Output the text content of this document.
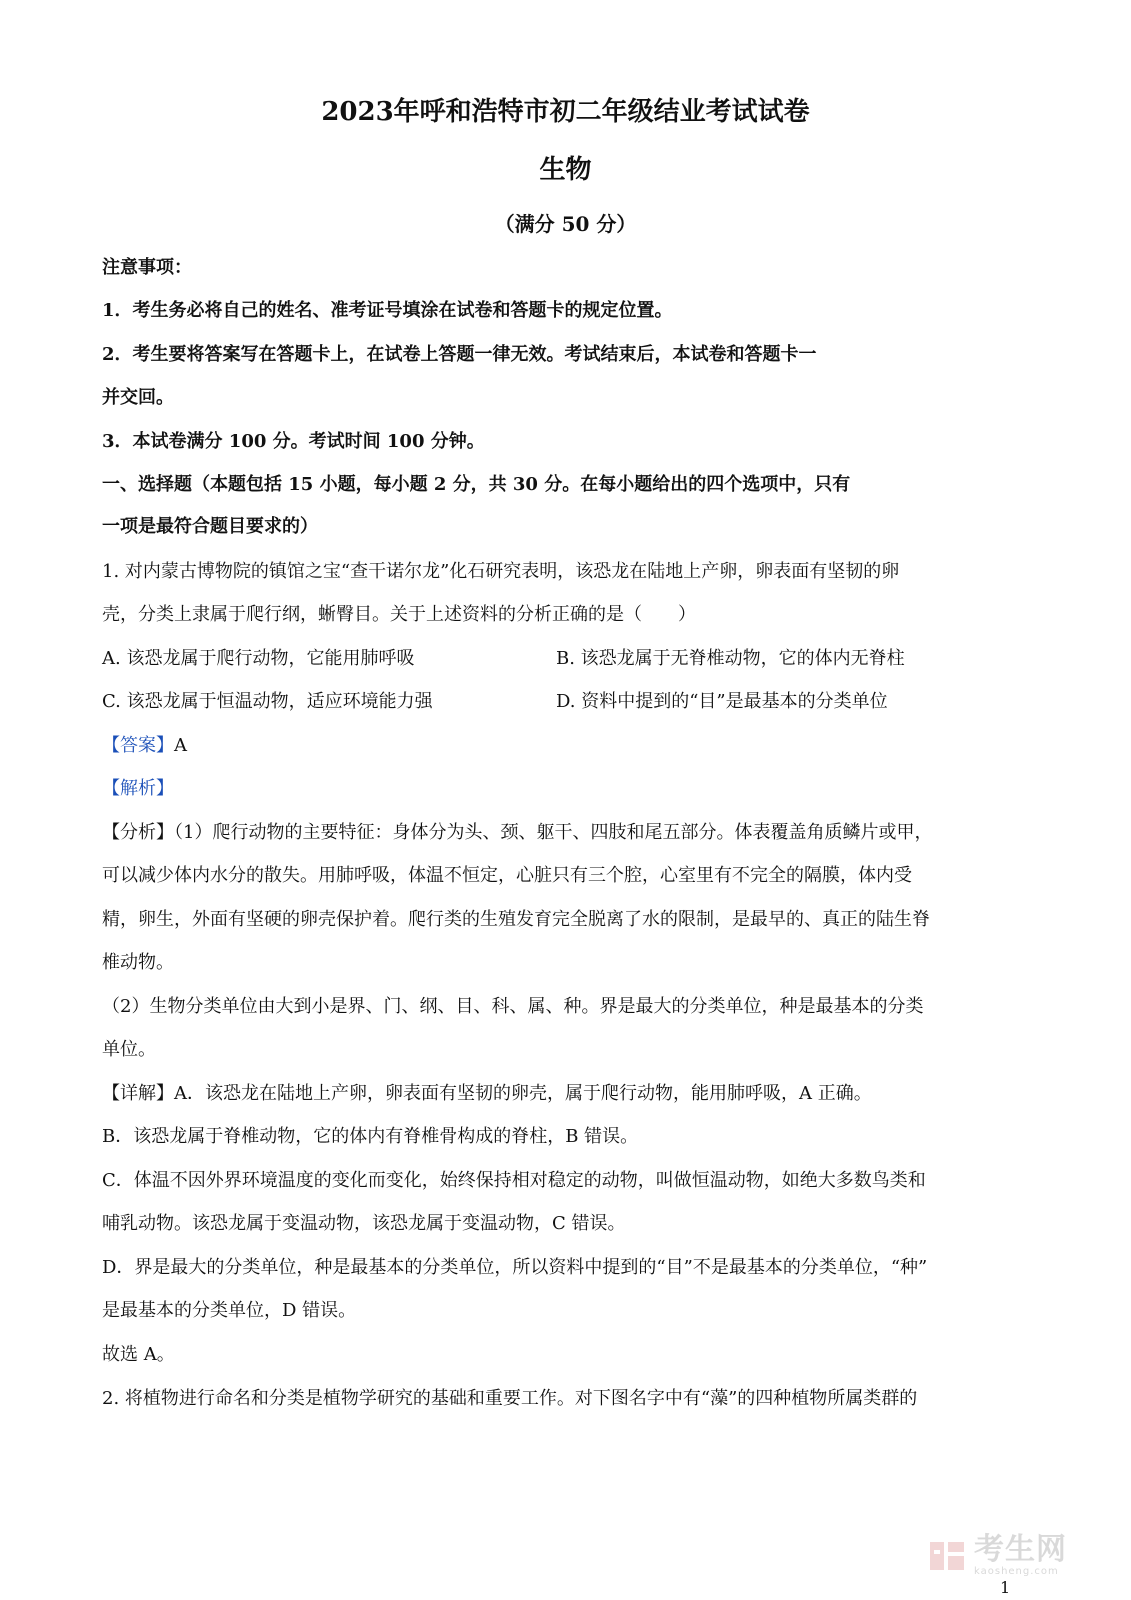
2023年呼和浩特市初二年级结业考试试卷
生物
（满分 50 分）
注意事项：
1．考生务必将自己的姓名、准考证号填涂在试卷和答题卡的规定位置。
2．考生要将答案写在答题卡上，在试卷上答题一律无效。考试结束后，本试卷和答题卡一
并交回。
3．本试卷满分 100 分。考试时间 100 分钟。
一、选择题（本题包括 15 小题，每小题 2 分，共 30 分。在每小题给出的四个选项中，只有
一项是最符合题目要求的）
1. 对内蒙古博物院的镇馆之宝“查干诺尔龙”化石研究表明，该恐龙在陆地上产卵，卵表面有坚韧的卵
壳，分类上隶属于爬行纲，蜥臀目。关于上述资料的分析正确的是（　　）
A. 该恐龙属于爬行动物，它能用肺呼吸	B. 该恐龙属于无脊椎动物，它的体内无脊柱
C. 该恐龙属于恒温动物，适应环境能力强	D. 资料中提到的“目”是最基本的分类单位
【答案】A
【解析】
【分析】（1）爬行动物的主要特征：身体分为头、颈、躯干、四肢和尾五部分。体表覆盖角质鳞片或甲，
可以减少体内水分的散失。用肺呼吸，体温不恒定，心脏只有三个腔，心室里有不完全的隔膜，体内受
精，卵生，外面有坚硬的卵壳保护着。爬行类的生殖发育完全脱离了水的限制，是最早的、真正的陆生脊
椎动物。
（2）生物分类单位由大到小是界、门、纲、目、科、属、种。界是最大的分类单位，种是最基本的分类
单位。
【详解】A．该恐龙在陆地上产卵，卵表面有坚韧的卵壳，属于爬行动物，能用肺呼吸，A 正确。
B．该恐龙属于脊椎动物，它的体内有脊椎骨构成的脊柱，B 错误。
C．体温不因外界环境温度的变化而变化，始终保持相对稳定的动物，叫做恒温动物，如绝大多数鸟类和
哺乳动物。该恐龙属于变温动物，该恐龙属于变温动物，C 错误。
D．界是最大的分类单位，种是最基本的分类单位，所以资料中提到的“目”不是最基本的分类单位，“种”
是最基本的分类单位，D 错误。
故选 A。
2. 将植物进行命名和分类是植物学研究的基础和重要工作。对下图名字中有“藻”的四种植物所属类群的
考生网
kaosheng.com
1
